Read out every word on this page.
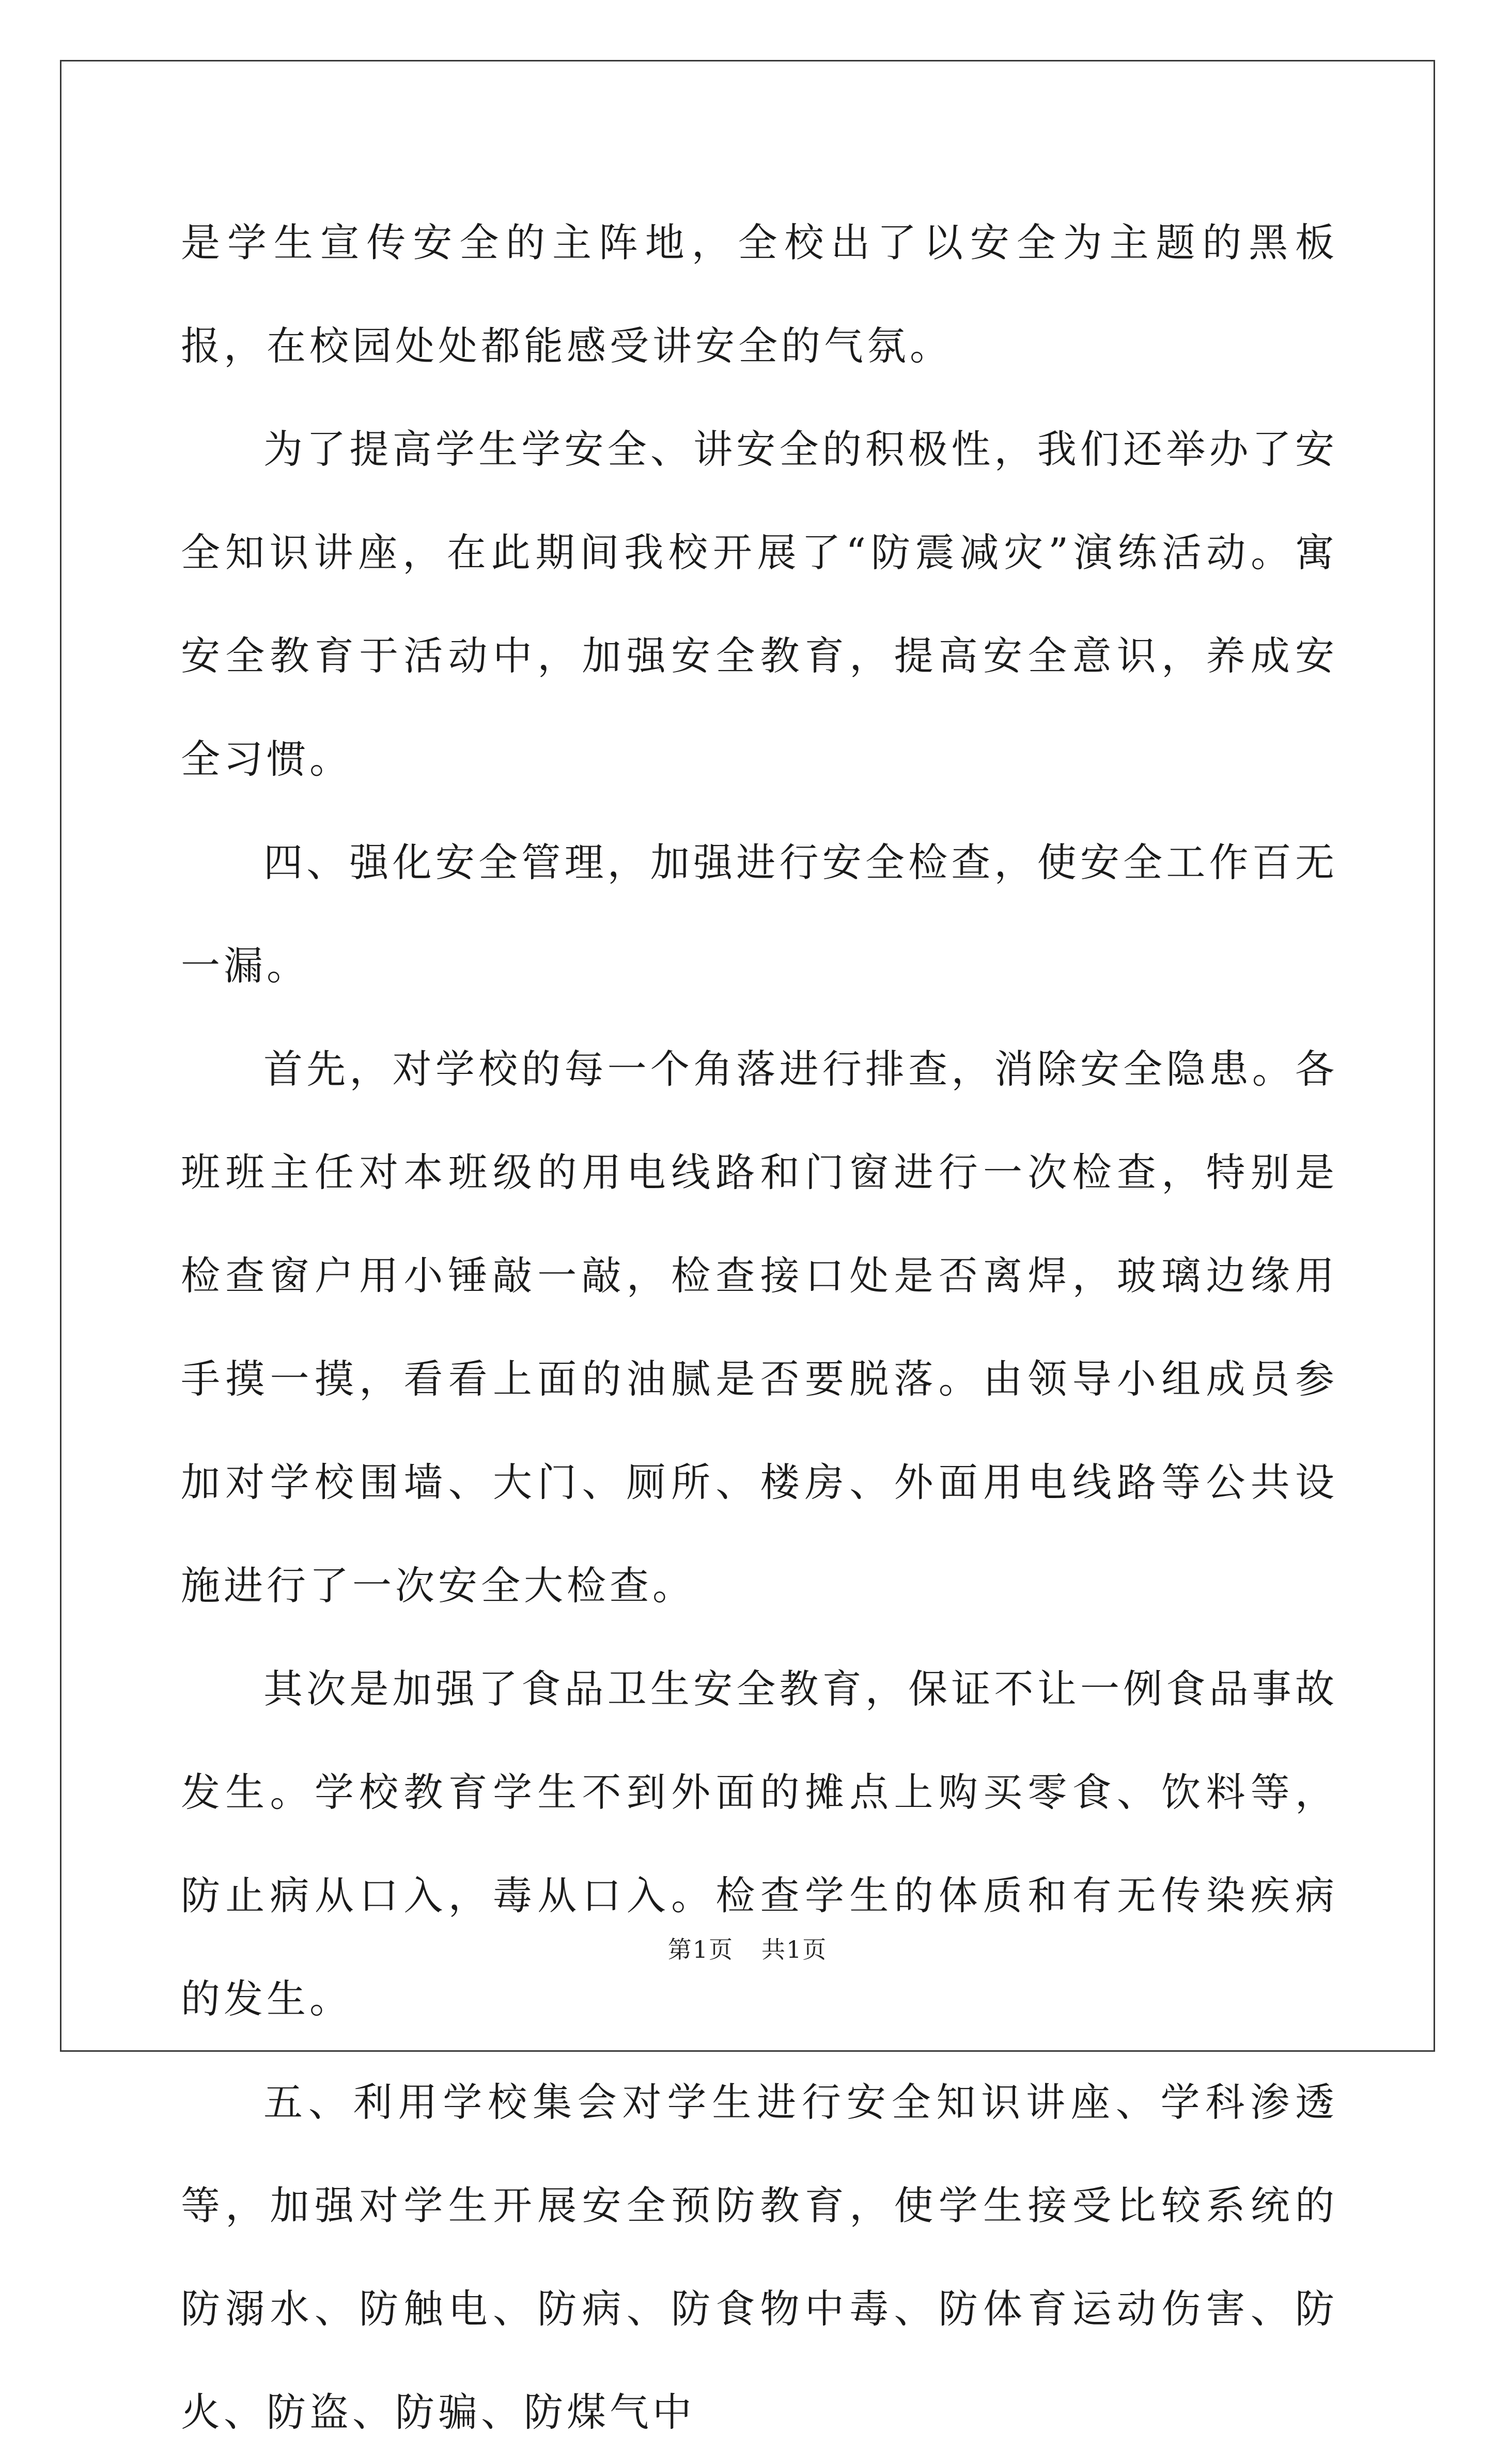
是学生宣传安全的主阵地，全校出了以安全为主题的黑板报，在校园处处都能感受讲安全的气氛。

为了提高学生学安全、讲安全的积极性，我们还举办了安全知识讲座，在此期间我校开展了“防震减灾”演练活动。寓安全教育于活动中，加强安全教育，提高安全意识，养成安全习惯。

四、强化安全管理，加强进行安全检查，使安全工作百无一漏。

首先，对学校的每一个角落进行排查，消除安全隐患。各班班主任对本班级的用电线路和门窗进行一次检查，特别是检查窗户用小锤敲一敲，检查接口处是否离焊，玻璃边缘用手摸一摸，看看上面的油腻是否要脱落。由领导小组成员参加对学校围墙、大门、厕所、楼房、外面用电线路等公共设施进行了一次安全大检查。

其次是加强了食品卫生安全教育，保证不让一例食品事故发生。学校教育学生不到外面的摊点上购买零食、饮料等，防止病从口入，毒从口入。检查学生的体质和有无传染疾病的发生。

五、利用学校集会对学生进行安全知识讲座、学科渗透等，加强对学生开展安全预防教育，使学生接受比较系统的防溺水、防触电、防病、防食物中毒、防体育运动伤害、防火、防盗、防骗、防煤气中

第1页 共1页
